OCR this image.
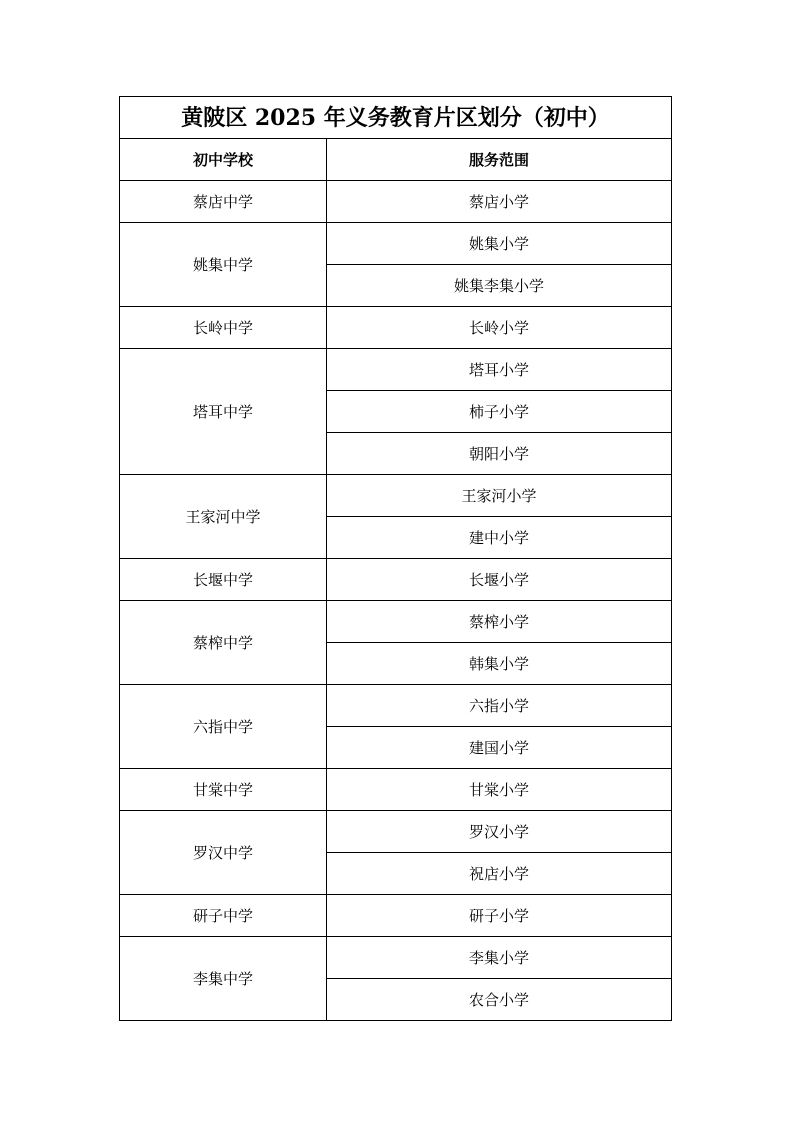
黄陂区 2025 年义务教育片区划分（初中）	
初中学校	服务范围
蔡店中学	蔡店小学
姚集中学	姚集小学
	姚集李集小学
长岭中学	长岭小学
塔耳中学	塔耳小学
	柿子小学
	朝阳小学
王家河中学	王家河小学
	建中小学
长堰中学	长堰小学
蔡榨中学	蔡榨小学
	韩集小学
六指中学	六指小学
	建国小学
甘棠中学	甘棠小学
罗汉中学	罗汉小学
	祝店小学
研子中学	研子小学
李集中学	李集小学
	农合小学
